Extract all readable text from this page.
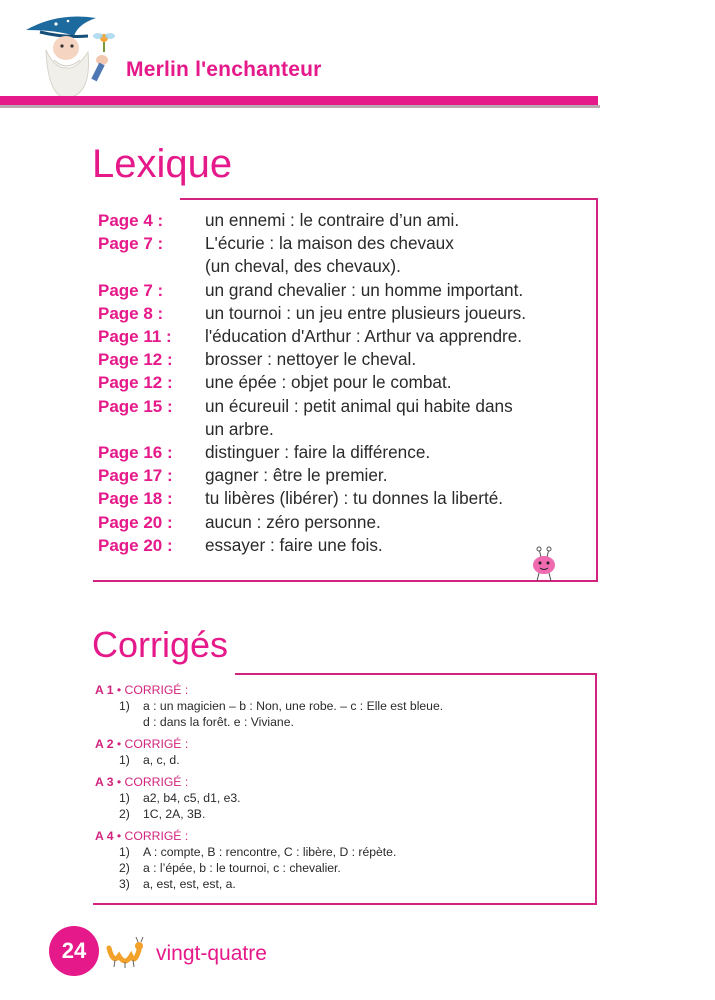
Merlin l'enchanteur
Lexique
Page 4 :	un ennemi : le contraire d’un ami.
Page 7 :	L'écurie : la maison des chevaux
(un cheval, des chevaux).
Page 7 :	un grand chevalier : un homme important.
Page 8 :	un tournoi : un jeu entre plusieurs joueurs.
Page 11 :	l'éducation d'Arthur : Arthur va apprendre.
Page 12 :	brosser : nettoyer le cheval.
Page 12 :	une épée : objet pour le combat.
Page 15 :	un écureuil : petit animal qui habite dans
un arbre.
Page 16 :	distinguer : faire la différence.
Page 17 :	gagner : être le premier.
Page 18 :	tu libères (libérer) : tu donnes la liberté.
Page 20 :	aucun : zéro personne.
Page 20 :	essayer : faire une fois.
Corrigés
A 1 • CORRIGÉ :
1)	a : un magicien – b : Non, une robe. – c : Elle est bleue.
d : dans la forêt. e : Viviane.
A 2 • CORRIGÉ :
1)	a, c, d.
A 3 • CORRIGÉ :
1)	a2, b4, c5, d1, e3.
2)	1C, 2A, 3B.
A 4 • CORRIGÉ :
1)	A : compte, B : rencontre, C : libère, D : répète.
2)	a : l’épée, b : le tournoi, c : chevalier.
3)	a, est, est, est, a.
24	vingt-quatre
